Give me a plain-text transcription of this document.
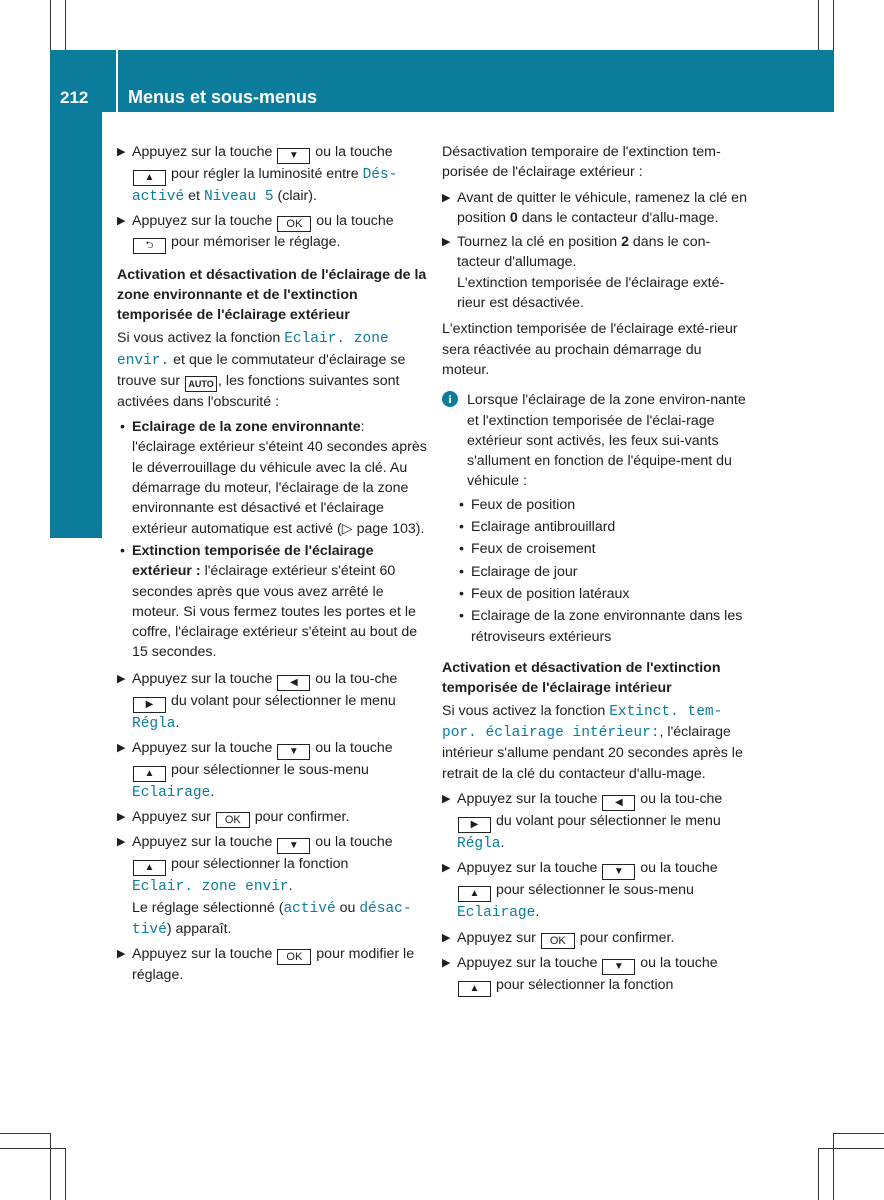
212 Menus et sous-menus
Ordinateur de bord et affichages
▶ Appuyez sur la touche ▼ ou la touche
▲ pour régler la luminosité entre Dés-activé et Niveau 5 (clair).
▶ Appuyez sur la touche OK ou la touche
⮌ pour mémoriser le réglage.
Activation et désactivation de l'éclairage de la zone environnante et de l'extinction temporisée de l'éclairage extérieur

Si vous activez la fonction Eclair. zone envir. et que le commutateur d'éclairage se trouve sur AUTO , les fonctions suivantes sont activées dans l'obscurité :

• Eclairage de la zone environnante: l'éclairage extérieur s'éteint 40 secondes après le déverrouillage du véhicule avec la clé. Au démarrage du moteur, l'éclairage de la zone environnante est désactivé et l'éclairage extérieur automatique est activé (▷ page 103).
• Extinction temporisée de l'éclairage extérieur : l'éclairage extérieur s'éteint 60 secondes après que vous avez arrêté le moteur. Si vous fermez toutes les portes et le coffre, l'éclairage extérieur s'éteint au bout de 15 secondes.
▶ Appuyez sur la touche ◀ ou la tou-che ▶ du volant pour sélectionner le menu Régla.
▶ Appuyez sur la touche ▼ ou la touche
▲ pour sélectionner le sous-menu
Eclairage.
▶ Appuyez sur OK pour confirmer.
▶ Appuyez sur la touche ▼ ou la touche
▲ pour sélectionner la fonction
Eclair. zone envir.
Le réglage sélectionné (activé ou désac-tivé) apparaît.
▶ Appuyez sur la touche OK pour modifier le réglage.

Désactivation temporaire de l'extinction tem-porisée de l'éclairage extérieur :

▶ Avant de quitter le véhicule, ramenez la clé en position 0 dans le contacteur d'allu-mage.
▶ Tournez la clé en position 2 dans le con-tacteur d'allumage.
L'extinction temporisée de l'éclairage exté-rieur est désactivée.

L'extinction temporisée de l'éclairage exté-rieur sera réactivée au prochain démarrage du moteur.

i	Lorsque l'éclairage de la zone environ-nante et l'extinction temporisée de l'éclai-rage extérieur sont activés, les feux sui-vants s'allument en fonction de l'équipe-ment du véhicule :
• Feux de position
• Eclairage antibrouillard
• Feux de croisement
• Eclairage de jour
• Feux de position latéraux
• Eclairage de la zone environnante dans les rétroviseurs extérieurs
Activation et désactivation de l'extinction temporisée de l'éclairage intérieur

Si vous activez la fonction Extinct. tem-por. éclairage intérieur:, l'éclairage intérieur s'allume pendant 20 secondes après le retrait de la clé du contacteur d'allu-mage.

▶ Appuyez sur la touche ◀ ou la tou-che ▶ du volant pour sélectionner le menu Régla.
▶ Appuyez sur la touche ▼ ou la touche
▲ pour sélectionner le sous-menu
Eclairage.
▶ Appuyez sur OK pour confirmer.
▶ Appuyez sur la touche ▼ ou la touche
▲ pour sélectionner la fonction
